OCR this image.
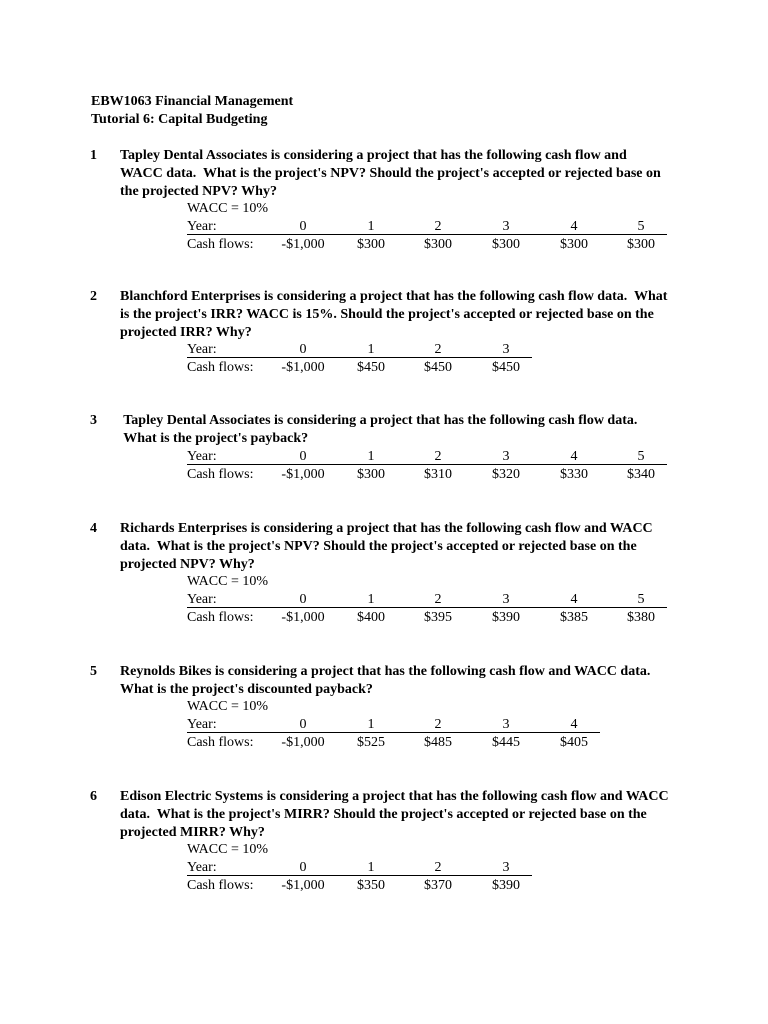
EBW1063 Financial Management
Tutorial 6: Capital Budgeting
1 Tapley Dental Associates is considering a project that has the following cash flow and
WACC data.  What is the project's NPV? Should the project's accepted or rejected base on
the projected NPV? Why?
WACC = 10%
Year:	0	1	2	3	4	5
Cash flows:	-$1,000	$300	$300	$300	$300	$300
2 Blanchford Enterprises is considering a project that has the following cash flow data.  What
is the project's IRR? WACC is 15%. Should the project's accepted or rejected base on the
projected IRR? Why?
Year:	0	1	2	3
Cash flows:	-$1,000	$450	$450	$450
3 Tapley Dental Associates is considering a project that has the following cash flow data.
What is the project's payback?
Year:	0	1	2	3	4	5
Cash flows:	-$1,000	$300	$310	$320	$330	$340
4 Richards Enterprises is considering a project that has the following cash flow and WACC
data.  What is the project's NPV? Should the project's accepted or rejected base on the
projected NPV? Why?
WACC = 10%
Year:	0	1	2	3	4	5
Cash flows:	-$1,000	$400	$395	$390	$385	$380
5 Reynolds Bikes is considering a project that has the following cash flow and WACC data.
What is the project's discounted payback?
WACC = 10%
Year:	0	1	2	3	4
Cash flows:	-$1,000	$525	$485	$445	$405
6 Edison Electric Systems is considering a project that has the following cash flow and WACC
data.  What is the project's MIRR? Should the project's accepted or rejected base on the
projected MIRR? Why?
WACC = 10%
Year:	0	1	2	3
Cash flows:	-$1,000	$350	$370	$390
